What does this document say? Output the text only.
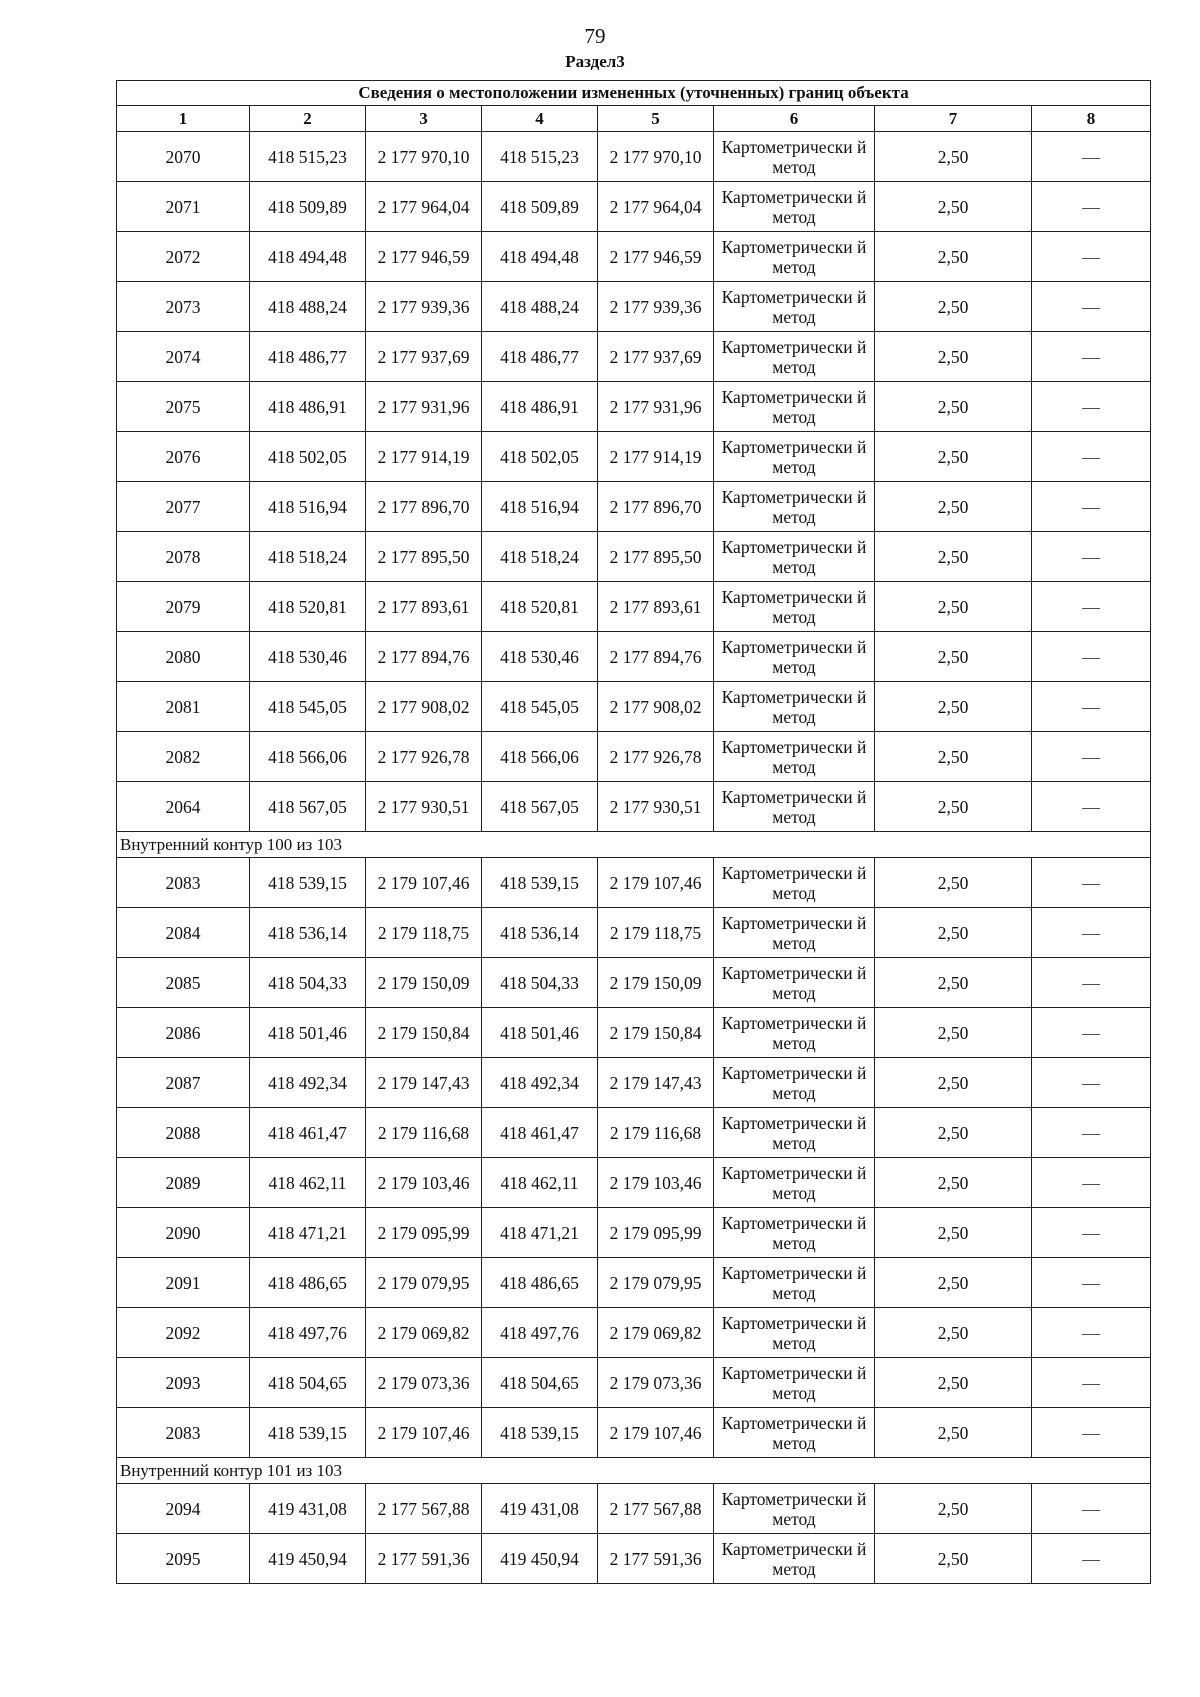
79
Раздел3
Сведения о местоположении измененных (уточненных) границ объекта							
1	2	3	4	5	6	7	8
2070	418 515,23	2 177 970,10	418 515,23	2 177 970,10	Картометрически й метод	2,50	—
2071	418 509,89	2 177 964,04	418 509,89	2 177 964,04	Картометрически й метод	2,50	—
2072	418 494,48	2 177 946,59	418 494,48	2 177 946,59	Картометрически й метод	2,50	—
2073	418 488,24	2 177 939,36	418 488,24	2 177 939,36	Картометрически й метод	2,50	—
2074	418 486,77	2 177 937,69	418 486,77	2 177 937,69	Картометрически й метод	2,50	—
2075	418 486,91	2 177 931,96	418 486,91	2 177 931,96	Картометрически й метод	2,50	—
2076	418 502,05	2 177 914,19	418 502,05	2 177 914,19	Картометрически й метод	2,50	—
2077	418 516,94	2 177 896,70	418 516,94	2 177 896,70	Картометрически й метод	2,50	—
2078	418 518,24	2 177 895,50	418 518,24	2 177 895,50	Картометрически й метод	2,50	—
2079	418 520,81	2 177 893,61	418 520,81	2 177 893,61	Картометрически й метод	2,50	—
2080	418 530,46	2 177 894,76	418 530,46	2 177 894,76	Картометрически й метод	2,50	—
2081	418 545,05	2 177 908,02	418 545,05	2 177 908,02	Картометрически й метод	2,50	—
2082	418 566,06	2 177 926,78	418 566,06	2 177 926,78	Картометрически й метод	2,50	—
2064	418 567,05	2 177 930,51	418 567,05	2 177 930,51	Картометрически й метод	2,50	—
Внутренний контур 100 из 103							
2083	418 539,15	2 179 107,46	418 539,15	2 179 107,46	Картометрически й метод	2,50	—
2084	418 536,14	2 179 118,75	418 536,14	2 179 118,75	Картометрически й метод	2,50	—
2085	418 504,33	2 179 150,09	418 504,33	2 179 150,09	Картометрически й метод	2,50	—
2086	418 501,46	2 179 150,84	418 501,46	2 179 150,84	Картометрически й метод	2,50	—
2087	418 492,34	2 179 147,43	418 492,34	2 179 147,43	Картометрически й метод	2,50	—
2088	418 461,47	2 179 116,68	418 461,47	2 179 116,68	Картометрически й метод	2,50	—
2089	418 462,11	2 179 103,46	418 462,11	2 179 103,46	Картометрически й метод	2,50	—
2090	418 471,21	2 179 095,99	418 471,21	2 179 095,99	Картометрически й метод	2,50	—
2091	418 486,65	2 179 079,95	418 486,65	2 179 079,95	Картометрически й метод	2,50	—
2092	418 497,76	2 179 069,82	418 497,76	2 179 069,82	Картометрически й метод	2,50	—
2093	418 504,65	2 179 073,36	418 504,65	2 179 073,36	Картометрически й метод	2,50	—
2083	418 539,15	2 179 107,46	418 539,15	2 179 107,46	Картометрически й метод	2,50	—
Внутренний контур 101 из 103							
2094	419 431,08	2 177 567,88	419 431,08	2 177 567,88	Картометрически й метод	2,50	—
2095	419 450,94	2 177 591,36	419 450,94	2 177 591,36	Картометрически й метод	2,50	—
